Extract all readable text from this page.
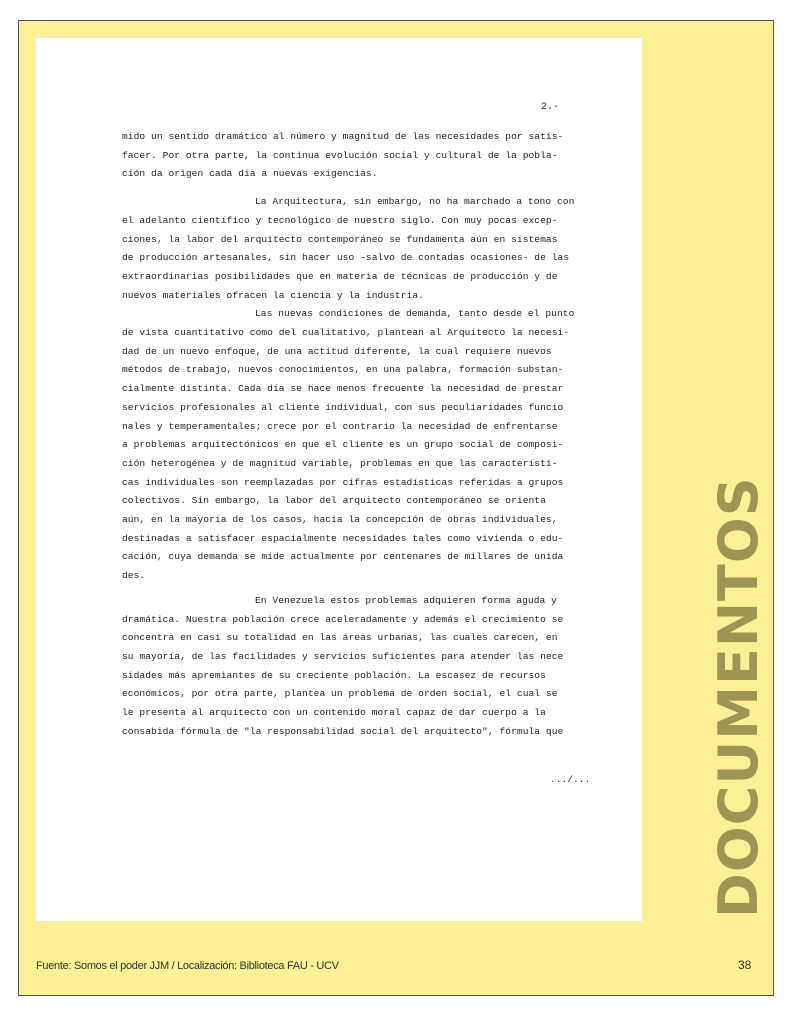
2.-
mido un sentido dramático al número y magnitud de las necesidades por satis-
facer. Por otra parte, la continua evolución social y cultural de la pobla-
ción da origen cada día a nuevas exigencias.
La Arquitectura, sin embargo, no ha marchado a tono con
el adelanto científico y tecnológico de nuestro siglo. Con muy pocas excep-
ciones, la labor del arquitecto contemporáneo se fundamenta aún en sistemas
de producción artesanales, sin hacer uso -salvo de contadas ocasiones- de las
extraordinarias posibilidades que en materia de técnicas de producción y de
nuevos materiales ofracen la ciencia y la industria.
Las nuevas condiciones de demanda, tanto desde el punto
de vista cuantitativo como del cualitativo, plantean al Arquitecto la necesi-
dad de un nuevo enfoque, de una actitud diferente, la cual requiere nuevos
métodos de trabajo, nuevos conocimientos, en una palabra, formación substan-
cialmente distinta. Cada día se hace menos frecuente la necesidad de prestar
servicios profesionales al cliente individual, con sus peculiaridades funcio
nales y temperamentales; crece por el contrario la necesidad de enfrentarse
a problemas arquitectónicos en que el cliente es un grupo social de composi-
ción heterogénea y de magnitud variable, problemas en que las característi-
cas individuales son reemplazadas por cifras estadísticas referidas a grupos
colectivos. Sin embargo, la labor del arquitecto contemporáneo se orienta
aún, en la mayoría de los casos, hacia la concepción de obras individuales,
destinadas a satisfacer espacialmente necesidades tales como vivienda o edu-
cación, cuya demanda se mide actualmente por centenares de millares de unida
des.
En Venezuela estos problemas adquieren forma aguda y
dramática. Nuestra población crece aceleradamente y además el crecimiento se
concentra en casi su totalidad en las áreas urbanas, las cuales carecen, en
su mayoría, de las facilidades y servicios suficientes para atender las nece
sidades más apremiantes de su creciente población. La escasez de recursos
económicos, por otra parte, plantea un problema de orden social, el cual se
le presenta al arquitecto con un contenido moral capaz de dar cuerpo a la
consabida fórmula de "la responsabilidad social del arquitecto", fórmula que
.../... DOCUMENTOS
Fuente: Somos el poder JJM / Localización: Biblioteca FAU - UCV	38
